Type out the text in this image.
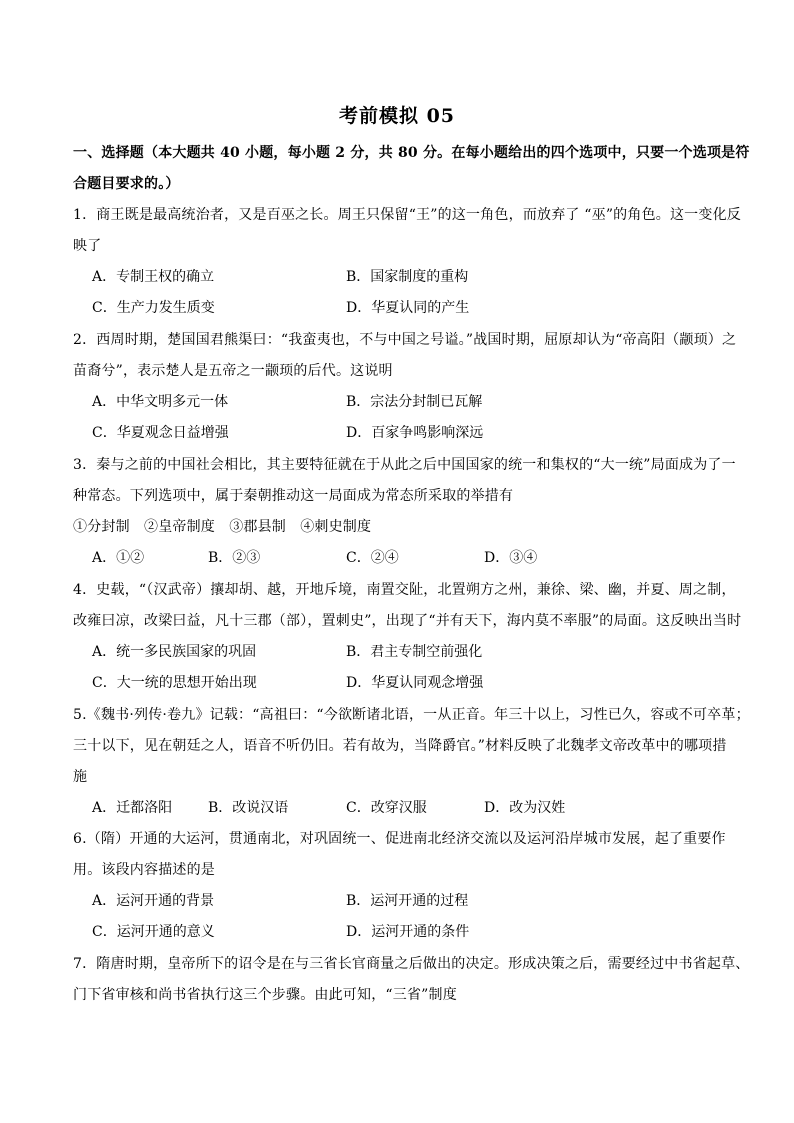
考前模拟 05
一、选择题（本大题共 40 小题，每小题 2 分，共 80 分。在每小题给出的四个选项中，只要一个选项是符
合题目要求的。）
1．商王既是最高统治者，又是百巫之长。周王只保留“王”的这一角色，而放弃了 “巫”的角色。这一变化反
映了
A．专制王权的确立	B．国家制度的重构
C．生产力发生质变	D．华夏认同的产生
2．西周时期，楚国国君熊渠曰：“我蛮夷也，不与中国之号谥。”战国时期，屈原却认为“帝高阳（颛顼）之
苗裔兮”，表示楚人是五帝之一颛顼的后代。这说明
A．中华文明多元一体	B．宗法分封制已瓦解
C．华夏观念日益增强	D．百家争鸣影响深远
3．秦与之前的中国社会相比，其主要特征就在于从此之后中国国家的统一和集权的“大一统”局面成为了一
种常态。下列选项中，属于秦朝推动这一局面成为常态所采取的举措有
①分封制　②皇帝制度　③郡县制　④刺史制度
A．①②	B．②③	C．②④	D．③④
4．史载，“（汉武帝）攘却胡、越，开地斥境，南置交阯，北置朔方之州，兼徐、梁、幽，并夏、周之制，
改雍曰凉，改梁曰益，凡十三郡（部），置刺史”，出现了“并有天下，海内莫不率服”的局面。这反映出当时
A．统一多民族国家的巩固	B．君主专制空前强化
C．大一统的思想开始出现	D．华夏认同观念增强
5.《魏书·列传·卷九》记载：“高祖曰：“今欲断诸北语，一从正音。年三十以上，习性已久，容或不可卒革；
三十以下，见在朝廷之人，语音不听仍旧。若有故为，当降爵官。”材料反映了北魏孝文帝改革中的哪项措
施
A．迁都洛阳	B．改说汉语	C．改穿汉服	D．改为汉姓
6.（隋）开通的大运河，贯通南北，对巩固统一、促进南北经济交流以及运河沿岸城市发展，起了重要作
用。该段内容描述的是
A．运河开通的背景	B．运河开通的过程
C．运河开通的意义	D．运河开通的条件
7．隋唐时期，皇帝所下的诏令是在与三省长官商量之后做出的决定。形成决策之后，需要经过中书省起草、
门下省审核和尚书省执行这三个步骤。由此可知，“三省”制度
